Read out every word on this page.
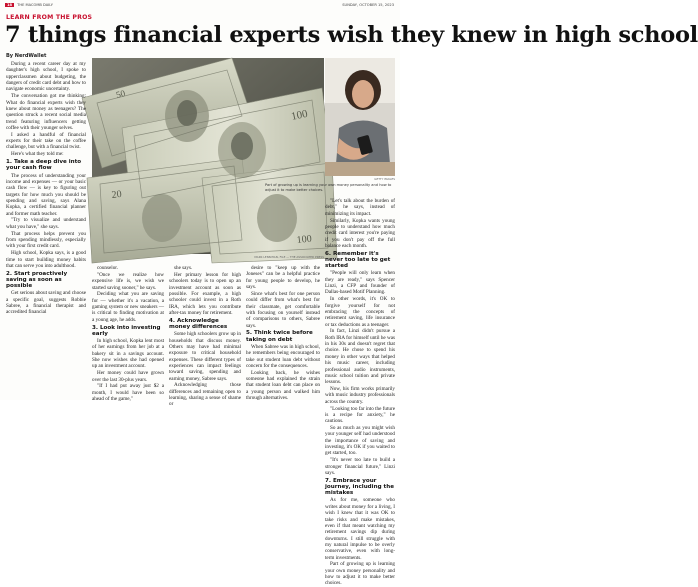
18 THE MACOMB DAILY	SUNDAY, OCTOBER 15, 2023
LEARN FROM THE PROS
7 things financial experts wish they knew in high school
By NerdWallet
50
100
20
100
MARK LENNIHAN, FILE — THE ASSOCIATED PRESS
GETTY IMAGES
Part of growing up is learning your own money personality and how to adjust it to make better choices.

During a recent career day at my daughter's high school, I spoke to upperclassmen about budgeting, the dangers of credit card debt and how to navigate economic uncertainty.

The conversation got me thinking: What do financial experts wish they knew about money as teenagers? The question struck a recent social media trend featuring influencers getting coffee with their younger selves.

I asked a handful of financial experts for their take on the coffee challenge, but with a financial twist.

Here's what they told me:

1. Take a deep dive into your cash flow

The process of understanding your income and expenses — or your basic cash flow — is key to figuring out targets for how much you should be spending and saving, says Alana Kopka, a certified financial planner and former math teacher.

"Try to visualize and understand what you have," she says.

That process helps prevent you from spending mindlessly, especially with your first credit card.

High school, Kopka says, is a good time to start building money habits that can serve you into adulthood.

2. Start proactively saving as soon as possible

Get serious about saving and choose a specific goal, suggests Robbie Sabree, a financial therapist and accredited financial

counselor.

"Once we realize how expensive life is, we wish we started saving sooner," he says.

Deciding what you are saving for — whether it's a vacation, a gaming system or new sneakers — is critical to finding motivation at a young age, he adds.

3. Look into investing early

In high school, Kopka lent most of her earnings from her job at a bakery sit in a savings account. She now wishes she had opened up an investment account.

Her money could have grown over the last 30-plus years.

"If I had put away just $2 a month, I would have been so ahead of the game,"

she says.

Her primary lesson for high schoolers today is to open up an investment account as soon as possible. For example, a high schooler could invest in a Roth IRA, which lets you contribute after-tax money for retirement.

4. Acknowledge money differences

Some high schoolers grow up in households that discuss money. Others may have had minimal exposure to critical household expenses. These different types of experiences can impact feelings toward saving, spending and earning money, Sabree says.

Acknowledging those differences and remaining open to learning, sharing a sense of shame or

desire to "keep up with the Joneses" can be a helpful practice for young people to develop, he says.

Since what's best for one person could differ from what's best for their classmate, get comfortable with focusing on yourself instead of comparisons to others, Sabree says.

5. Think twice before taking on debt

When Sabree was in high school, he remembers being encouraged to take out student loan debt without concern for the consequences.

Looking back, he wishes someone had explained the strain that student loan debt can place on a young person and walked him through alternatives.

"Let's talk about the burden of debt," he says, instead of minimizing its impact.

Similarly, Kopka wants young people to understand how much credit card interest you're paying if you don't pay off the full balance each month.

6. Remember it's never too late to get started

"People will only learn when they are ready," says Spencer Linzi, a CFP and founder of Dallas-based Motif Planning.

In other words, it's OK to forgive yourself for not embracing the concepts of retirement saving, life insurance or tax deductions as a teenager.

In fact, Linzi didn't pursue a Roth IRA for himself until he was in his 30s and doesn't regret that choice. He chose to spend his money in other ways that helped his music career, including professional audio instruments, music school tuition and private lessons.

Now, his firm works primarily with music industry professionals across the country.

"Looking too far into the future is a recipe for anxiety," he cautions.

So as much as you might wish your younger self had understood the importance of saving and investing, it's OK if you waited to get started, too.

"It's never too late to build a stronger financial future," Linzi says.

7. Embrace your journey, including the mistakes

As for me, someone who writes about money for a living, I wish I knew that it was OK to take risks and make mistakes, even if that meant watching my retirement savings dip during downturns. I still struggle with my natural impulse to be overly conservative, even with long-term investments.

Part of growing up is learning your own money personality and how to adjust it to make better choices.
